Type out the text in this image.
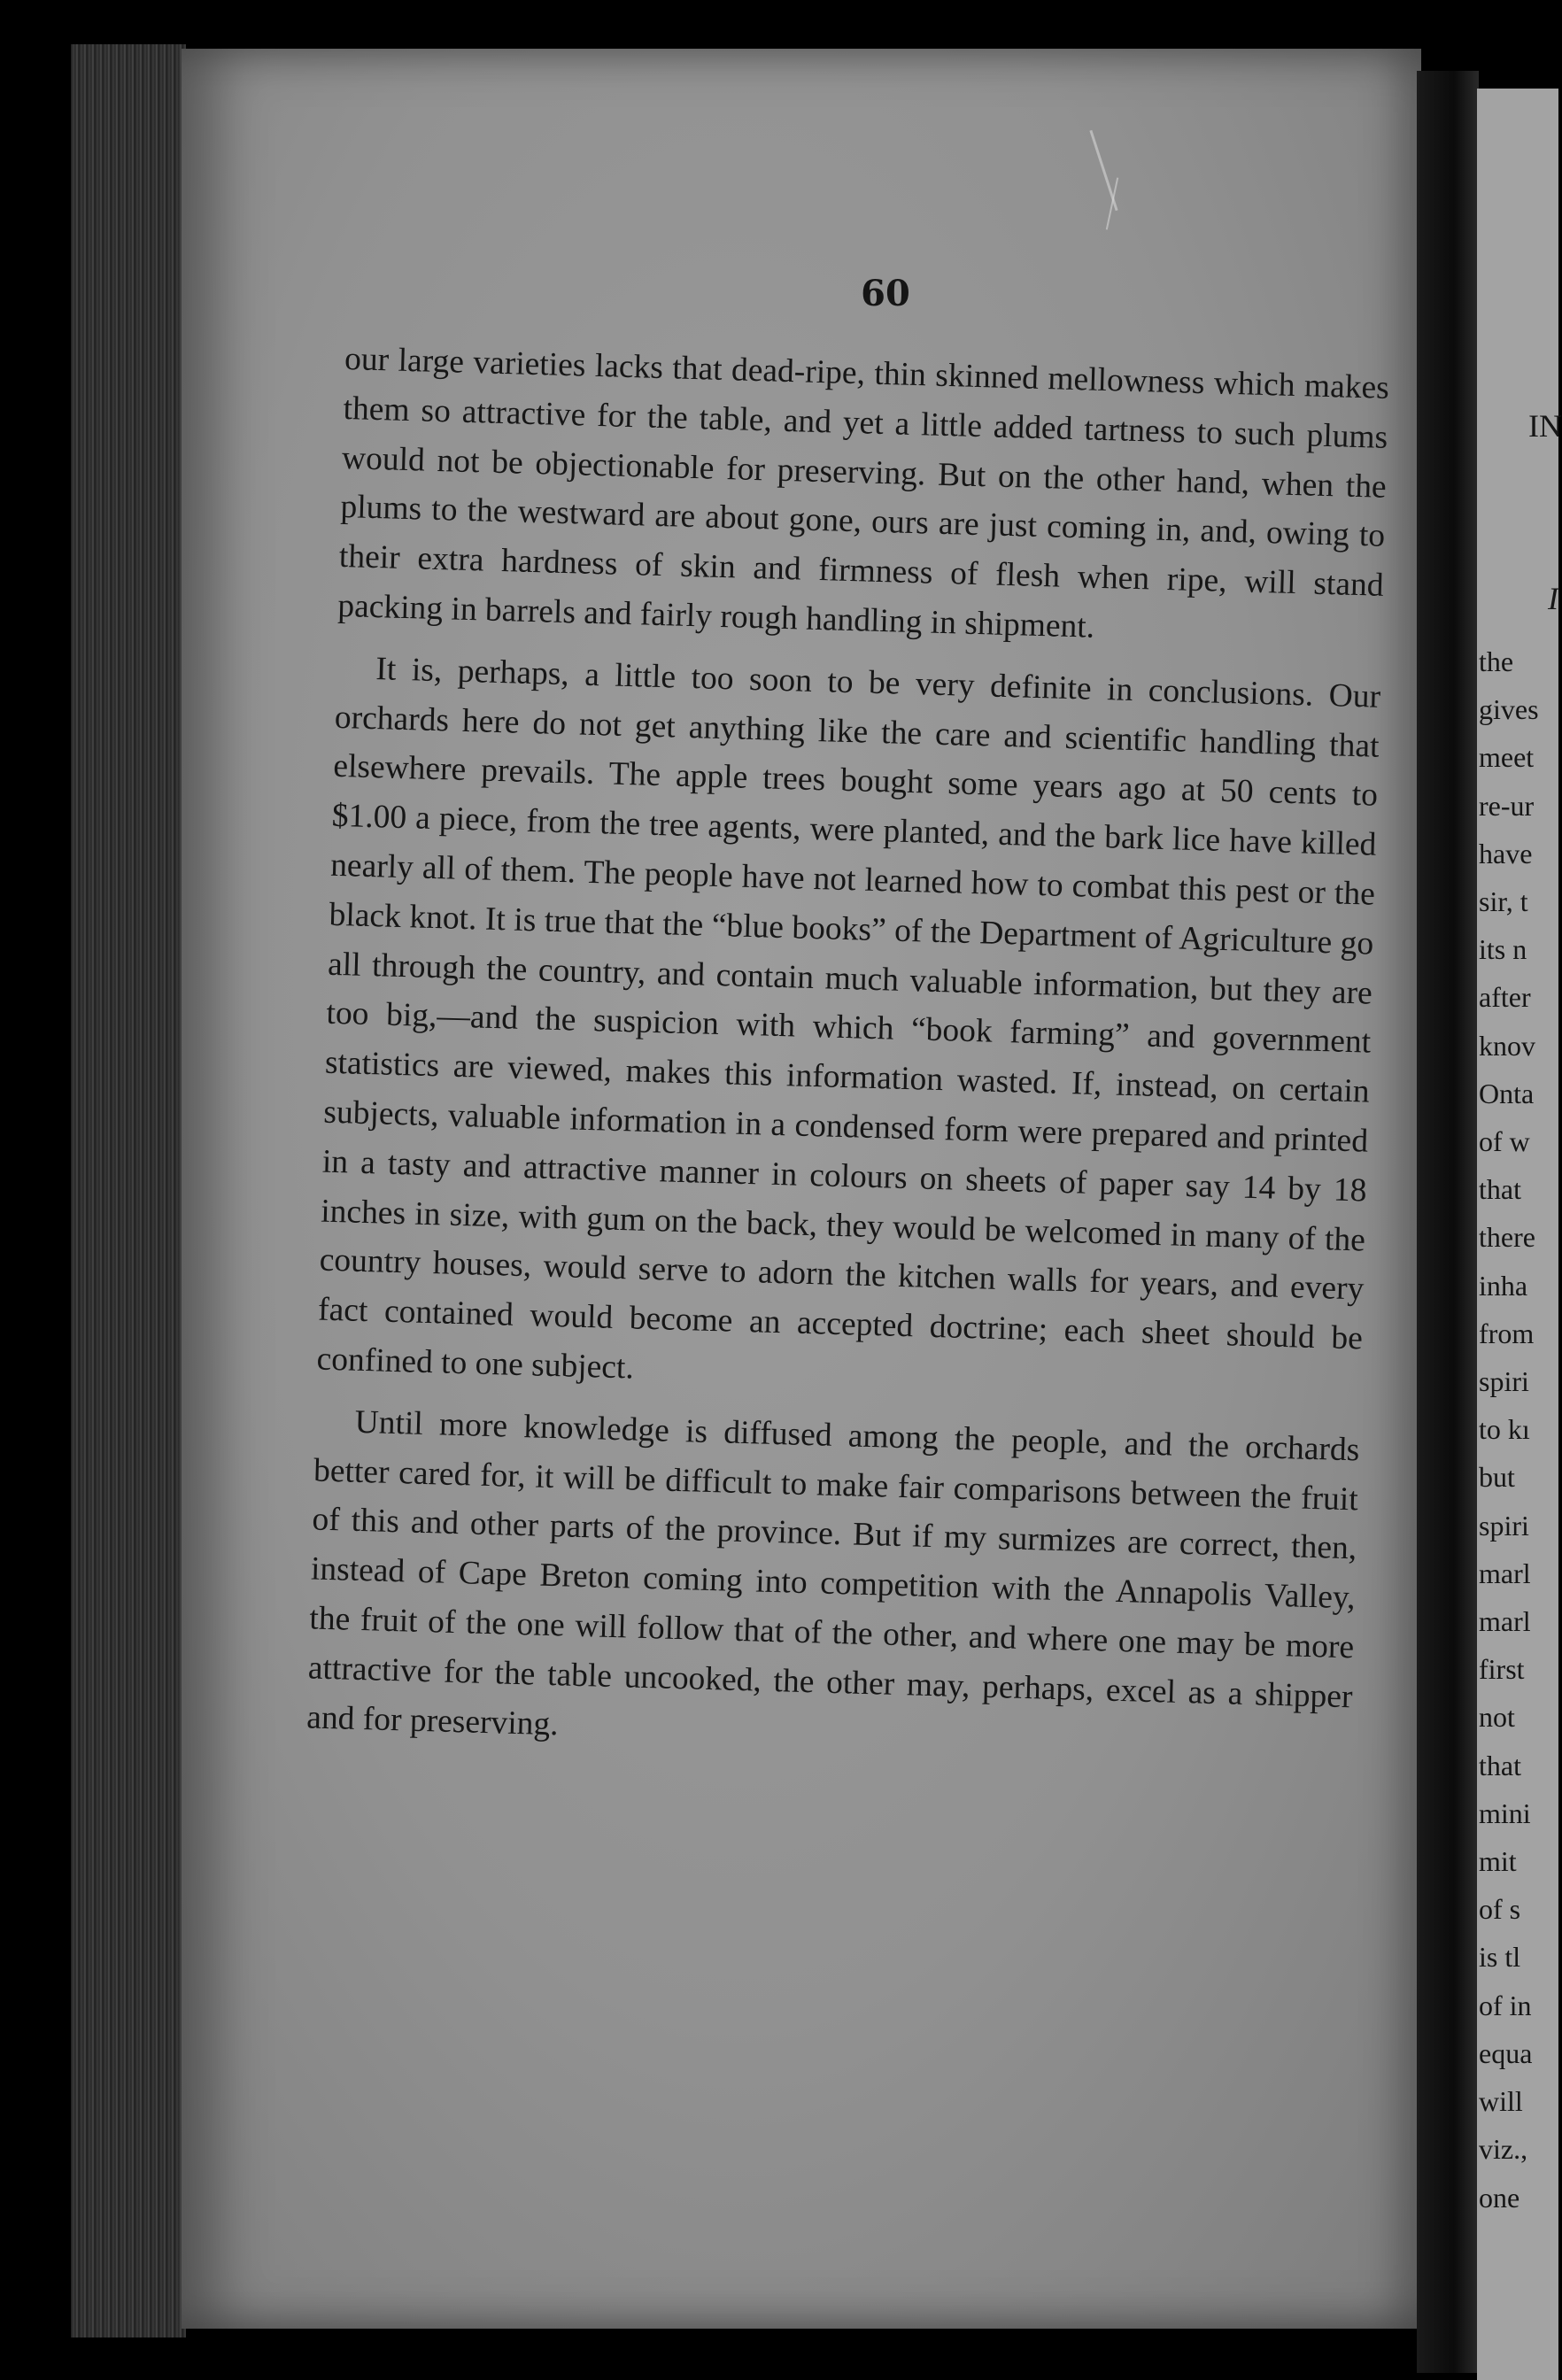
60

our large varieties lacks that dead-ripe, thin skinned mellowness which makes them so attractive for the table, and yet a little added tartness to such plums would not be objectionable for preserving. But on the other hand, when the plums to the westward are about gone, ours are just coming in, and, owing to their extra hardness of skin and firmness of flesh when ripe, will stand packing in barrels and fairly rough handling in shipment.

It is, perhaps, a little too soon to be very definite in conclusions. Our orchards here do not get anything like the care and scientific handling that elsewhere prevails. The apple trees bought some years ago at 50 cents to $1.00 a piece, from the tree agents, were planted, and the bark lice have killed nearly all of them. The people have not learned how to combat this pest or the black knot. It is true that the “blue books” of the Department of Agriculture go all through the country, and contain much valuable information, but they are too big,—and the suspicion with which “book farming” and government statistics are viewed, makes this information wasted. If, instead, on certain subjects, valuable information in a condensed form were prepared and printed in a tasty and attractive manner in colours on sheets of paper say 14 by 18 inches in size, with gum on the back, they would be welcomed in many of the country houses, would serve to adorn the kitchen walls for years, and every fact contained would become an accepted doctrine; each sheet should be confined to one subject.

Until more knowledge is diffused among the people, and the orchards better cared for, it will be difficult to make fair comparisons between the fruit of this and other parts of the province. But if my surmizes are correct, then, instead of Cape Breton coming into competition with the Annapolis Valley, the fruit of the one will follow that of the other, and where one may be more attractive for the table uncooked, the other may, perhaps, excel as a shipper and for preserving.

IN
I
the
gives
meet
re-ur
have
sir, t
its n
after
knov
Onta
of w
that
there
inha
from
spiri
to kı
but
spiri
marl
marl
first
not
that
mini
mit
of s
is tl
of in
equa
will
viz.,
one
